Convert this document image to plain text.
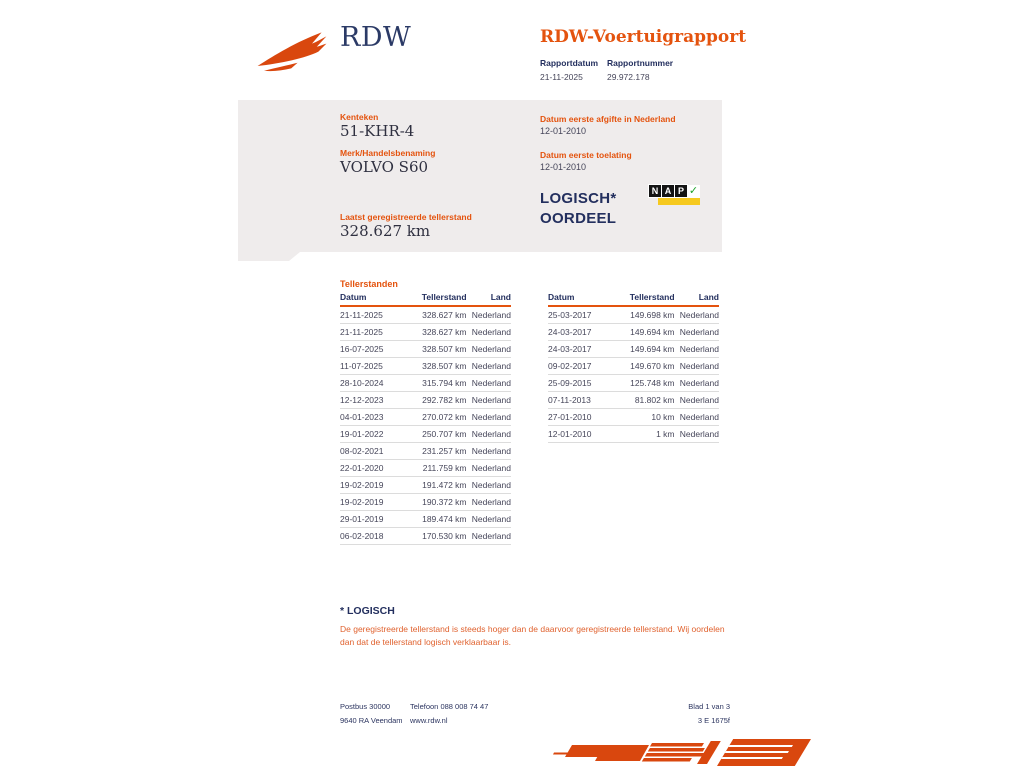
RDW	RDW-Voertuigrapport
Rapportdatum Rapportnummer
21-11-2025	29.972.178
Kenteken
51-KHR-4
Merk/Handelsbenaming
VOLVO S60
Laatst geregistreerde tellerstand
328.627 km
Datum eerste afgifte in Nederland
12-01-2010
Datum eerste toelating
12-01-2010
LOGISCH*
OORDEEL
N A P ✓
Tellerstanden
Datum	Tellerstand	Land
21-11-2025	328.627 km	Nederland
21-11-2025	328.627 km	Nederland
16-07-2025	328.507 km	Nederland
11-07-2025	328.507 km	Nederland
28-10-2024	315.794 km	Nederland
12-12-2023	292.782 km	Nederland
04-01-2023	270.072 km	Nederland
19-01-2022	250.707 km	Nederland
08-02-2021	231.257 km	Nederland
22-01-2020	211.759 km	Nederland
19-02-2019	191.472 km	Nederland
19-02-2019	190.372 km	Nederland
29-01-2019	189.474 km	Nederland
06-02-2018	170.530 km	Nederland
Datum	Tellerstand	Land
25-03-2017	149.698 km	Nederland
24-03-2017	149.694 km	Nederland
24-03-2017	149.694 km	Nederland
09-02-2017	149.670 km	Nederland
25-09-2015	125.748 km	Nederland
07-11-2013	81.802 km	Nederland
27-01-2010	10 km	Nederland
12-01-2010	1 km	Nederland
* LOGISCH
De geregistreerde tellerstand is steeds hoger dan de daarvoor geregistreerde tellerstand. Wij oordelen dan dat de tellerstand logisch verklaarbaar is.
Postbus 30000
9640 RA Veendam
Telefoon 088 008 74 47
www.rdw.nl
Blad 1 van 3
3 E 1675f
